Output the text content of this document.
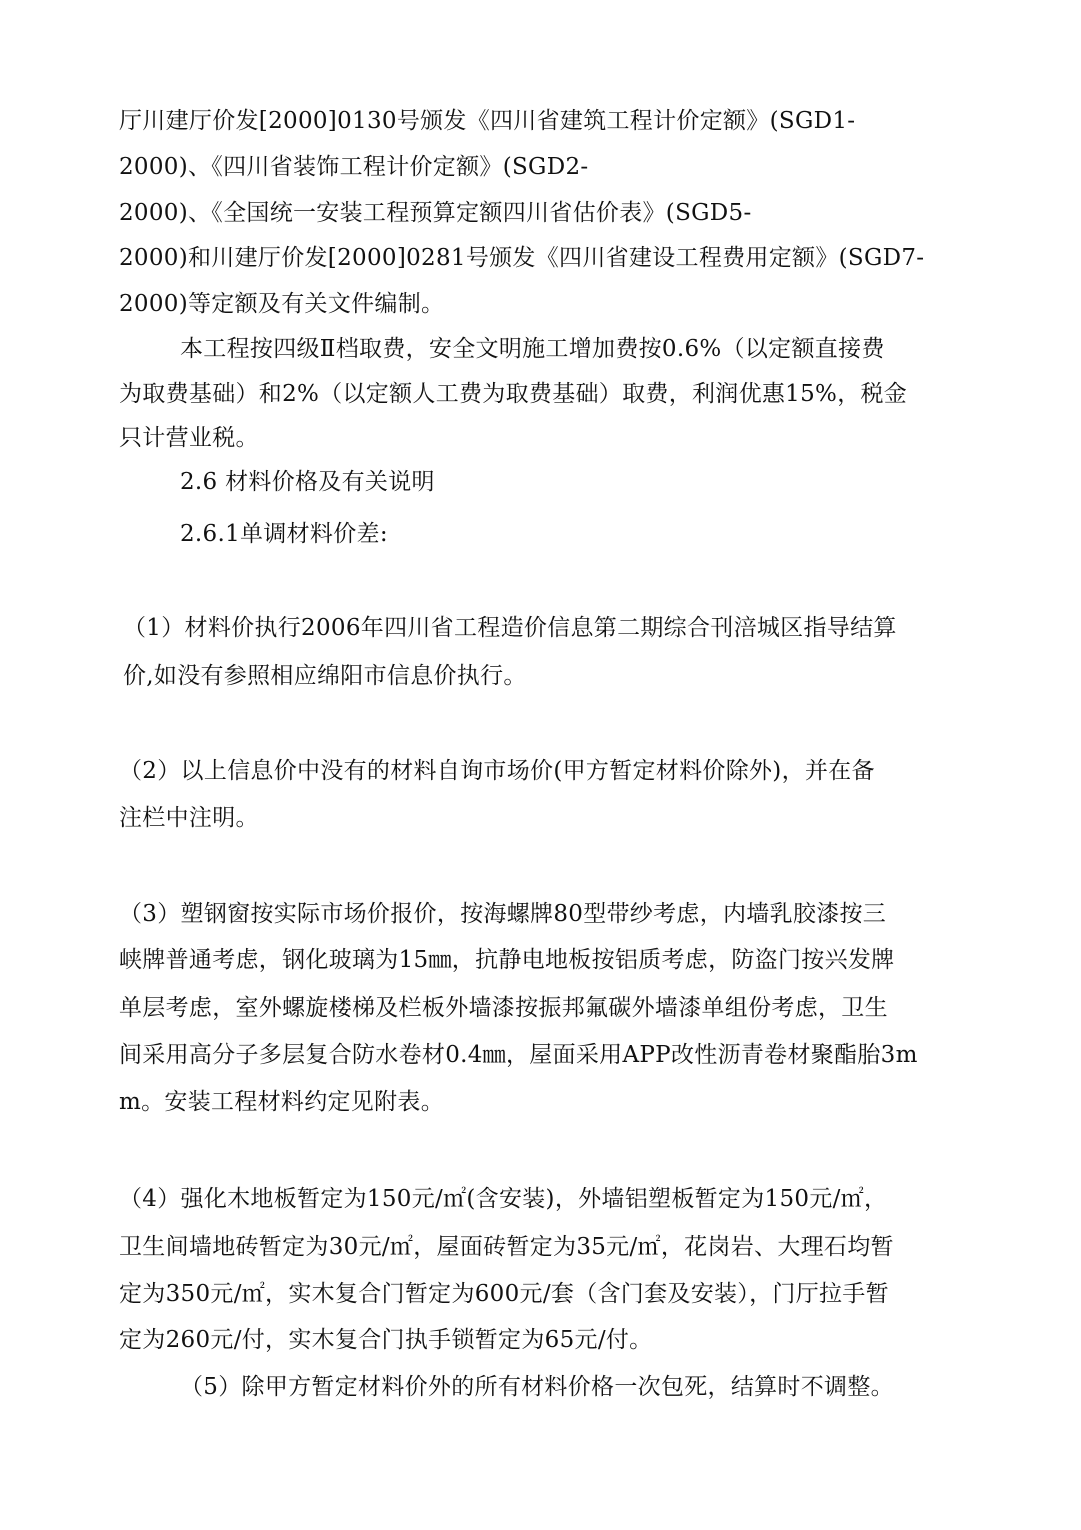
厅川建厅价发[2000]0130号颁发《四川省建筑工程计价定额》(SGD1-
2000)、《四川省装饰工程计价定额》(SGD2-
2000)、《全国统一安装工程预算定额四川省估价表》(SGD5-
2000)和川建厅价发[2000]0281号颁发《四川省建设工程费用定额》(SGD7-
2000)等定额及有关文件编制。
本工程按四级Ⅱ档取费，安全文明施工增加费按0.6%（以定额直接费
为取费基础）和2%（以定额人工费为取费基础）取费，利润优惠15%，税金
只计营业税。
2.6 材料价格及有关说明
2.6.1单调材料价差:
（1）材料价执行2006年四川省工程造价信息第二期综合刊涪城区指导结算
价,如没有参照相应绵阳市信息价执行。
（2）以上信息价中没有的材料自询市场价(甲方暂定材料价除外)，并在备
注栏中注明。
（3）塑钢窗按实际市场价报价，按海螺牌80型带纱考虑，内墙乳胶漆按三
峡牌普通考虑，钢化玻璃为15㎜，抗静电地板按铝质考虑，防盗门按兴发牌
单层考虑，室外螺旋楼梯及栏板外墙漆按振邦氟碳外墙漆单组份考虑，卫生
间采用高分子多层复合防水卷材0.4㎜，屋面采用APP改性沥青卷材聚酯胎3m
m。安装工程材料约定见附表。
（4）强化木地板暂定为150元/㎡(含安装)，外墙铝塑板暂定为150元/㎡，
卫生间墙地砖暂定为30元/㎡，屋面砖暂定为35元/㎡，花岗岩、大理石均暂
定为350元/㎡，实木复合门暂定为600元/套（含门套及安装），门厅拉手暂
定为260元/付，实木复合门执手锁暂定为65元/付。
（5）除甲方暂定材料价外的所有材料价格一次包死，结算时不调整。
